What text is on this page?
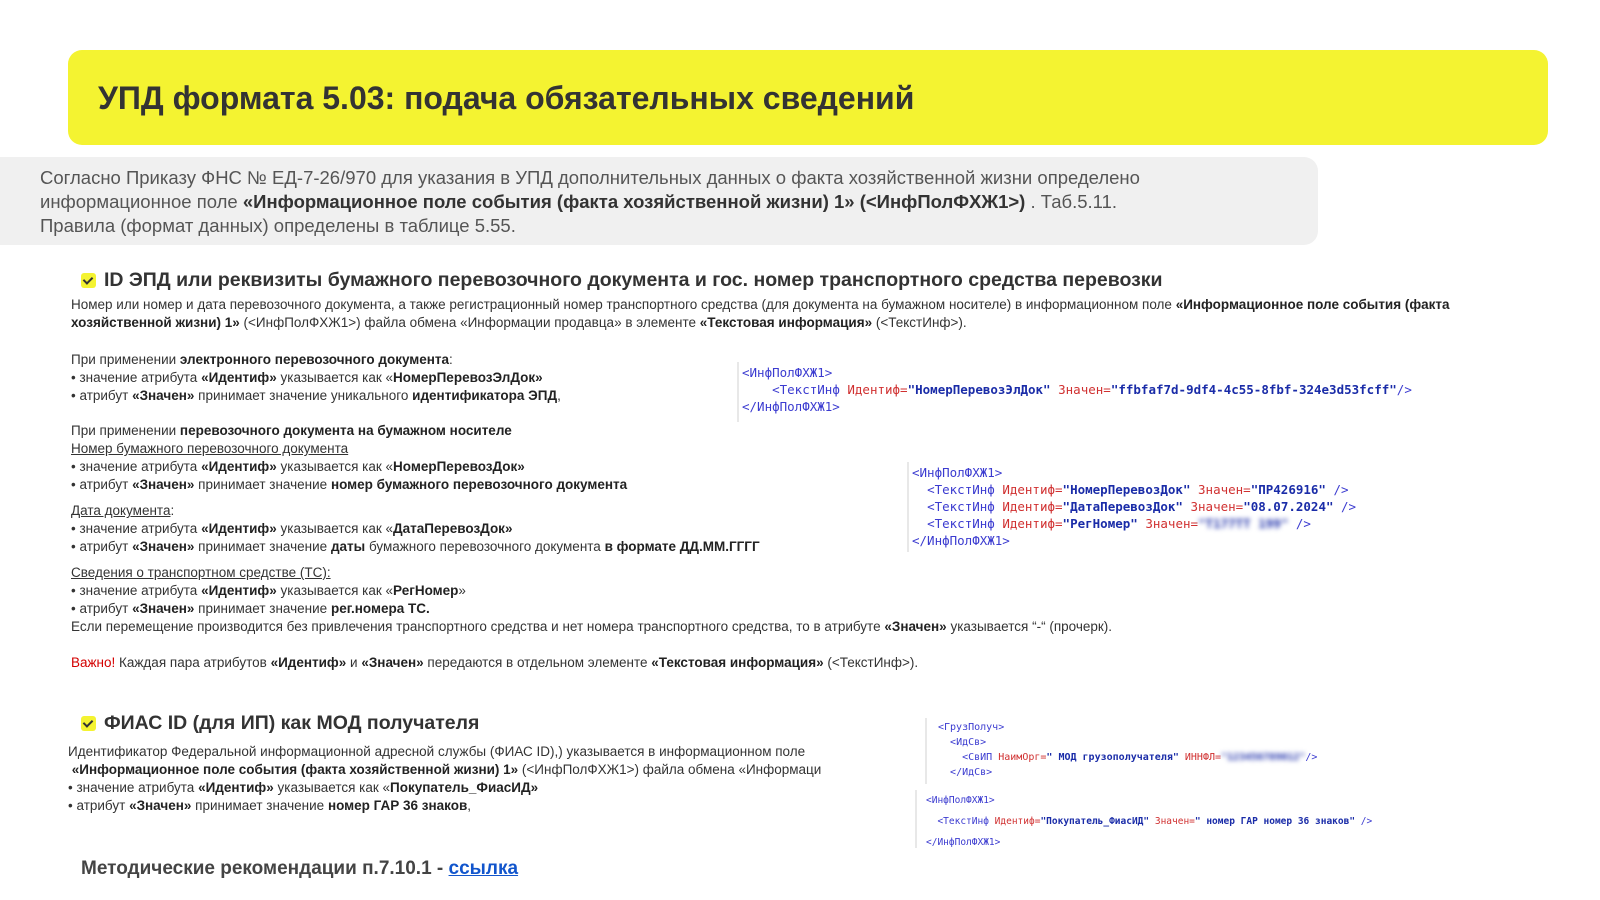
УПД формата 5.03: подача обязательных сведений
Согласно Приказу ФНС № ЕД-7-26/970 для указания в УПД дополнительных данных о факта хозяйственной жизни определено
информационное поле «Информационное поле события (факта хозяйственной жизни) 1» (<ИнфПолФХЖ1>) . Таб.5.11.
Правила (формат данных) определены в таблице 5.55.
ID ЭПД или реквизиты бумажного перевозочного документа и гос. номер транспортного средства перевозки
Номер или номер и дата перевозочного документа, а также регистрационный номер транспортного средства (для документа на бумажном носителе) в информационном поле «Информационное поле события (факта хозяйственной жизни) 1» (<ИнфПолФХЖ1>) файла обмена «Информации продавца» в элементе «Текстовая информация» (<ТекстИнф>).
При применении электронного перевозочного документа:
• значение атрибута «Идентиф» указывается как «НомерПеревозЭлДок»
• атрибут «Значен» принимает значение уникального идентификатора ЭПД,
При применении перевозочного документа на бумажном носителе
Номер бумажного перевозочного документа
• значение атрибута «Идентиф» указывается как «НомерПеревозДок»
• атрибут «Значен» принимает значение номер бумажного перевозочного документа
Дата документа:
• значение атрибута «Идентиф» указывается как «ДатаПеревозДок»
• атрибут «Значен» принимает значение даты бумажного перевозочного документа в формате ДД.ММ.ГГГГ
Сведения о транспортном средстве (ТС):
• значение атрибута «Идентиф» указывается как «РегНомер»
• атрибут «Значен» принимает значение рег.номера ТС.
Если перемещение производится без привлечения транспортного средства и нет номера транспортного средства, то в атрибуте «Значен» указывается “-“ (прочерк).
Важно! Каждая пара атрибутов «Идентиф» и «Значен» передаются в отдельном элементе «Текстовая информация» (<ТекстИнф>).
<ИнфПолФХЖ1>
<ТекстИнф Идентиф="НомерПеревозЭлДок" Значен="ffbfaf7d-9df4-4c55-8fbf-324e3d53fcff"/>
</ИнфПолФХЖ1>
<ИнфПолФХЖ1>
<ТекстИнф Идентиф="НомерПеревозДок" Значен="ПР426916" />
<ТекстИнф Идентиф="ДатаПеревозДок" Значен="08.07.2024" />
<ТекстИнф Идентиф="РегНомер" Значен="Т177ТТ 199" />
</ИнфПолФХЖ1>
ФИАС ID (для ИП) как МОД получателя
Идентификатор Федеральной информационной адресной службы (ФИАС ID),) указывается в информационном поле
«Информационное поле события (факта хозяйственной жизни) 1» (<ИнфПолФХЖ1>) файла обмена «Информаци
• значение атрибута «Идентиф» указывается как «Покупатель_ФиасИД»
• атрибут «Значен» принимает значение номер ГАР 36 знаков,
<ГрузПолуч>
<ИдСв>
<СвИП НаимОрг=" МОД грузополучателя" ИННФЛ="123456789012"/>
</ИдСв>
<ИнфПолФХЖ1>
<ТекстИнф Идентиф="Покупатель_ФиасИД" Значен=" номер ГАР номер 36 знаков" />
</ИнфПолФХЖ1>
Методические рекомендации п.7.10.1 - ссылка
